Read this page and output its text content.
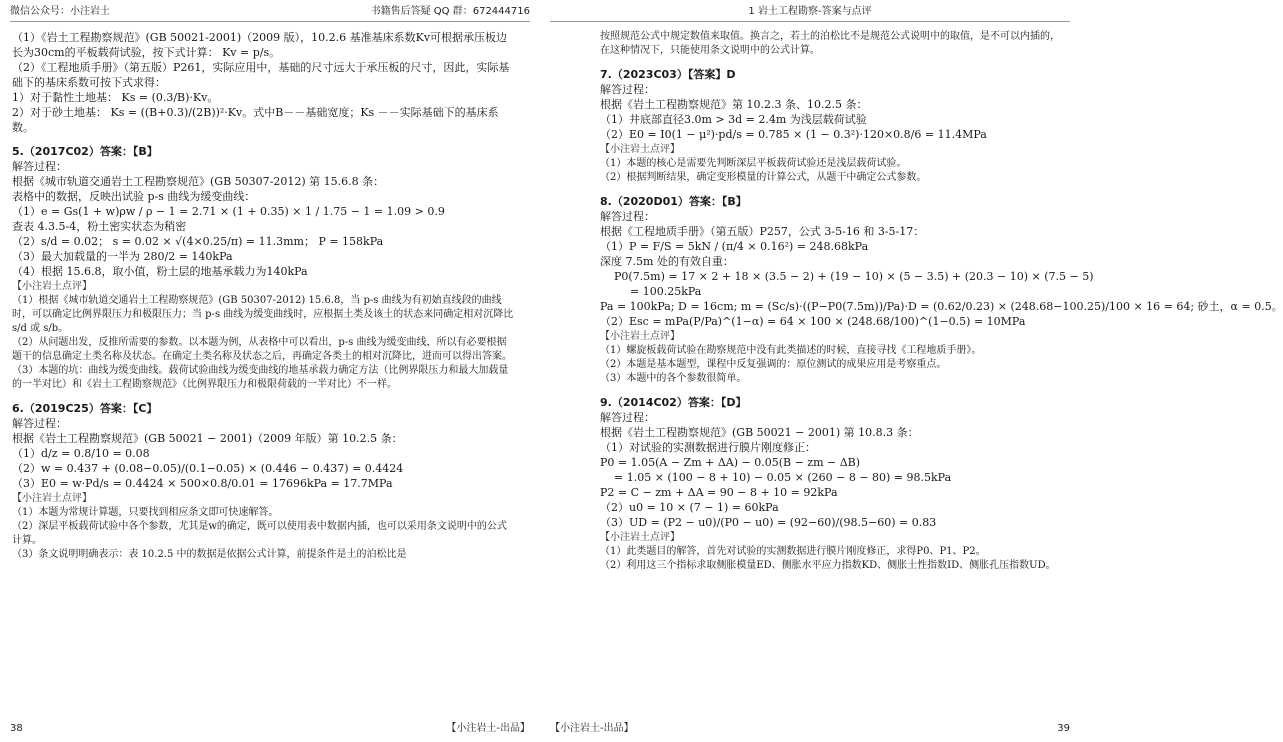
微信公众号：小注岩土	书籍售后答疑 QQ 群：672444716

（1）《岩土工程勘察规范》(GB 50021-2001)（2009 版），10.2.6 基准基床系数Kv可根据承压板边长为30cm的平板载荷试验，按下式计算： Kv = p/s。

（2）《工程地质手册》（第五版）P261，实际应用中，基础的尺寸远大于承压板的尺寸，因此，实际基础下的基床系数可按下式求得：

1）对于黏性土地基： Ks = (0.3/B)·Kv。

2）对于砂土地基： Ks = ((B+0.3)/(2B))²·Kv。式中B－－基础宽度；Ks －－实际基础下的基床系数。

5.（2017C02）答案：【B】

解答过程：

根据《城市轨道交通岩土工程勘察规范》(GB 50307-2012) 第 15.6.8 条：

表格中的数据，反映出试验 p-s 曲线为缓变曲线：

（1）e = Gs(1 + w)ρw / ρ − 1 = 2.71 × (1 + 0.35) × 1 / 1.75 − 1 = 1.09 > 0.9

查表 4.3.5-4，粉土密实状态为稍密

（2）s/d = 0.02； s = 0.02 × √(4×0.25/π) = 11.3mm； P = 158kPa

（3）最大加载量的一半为 280/2 = 140kPa

（4）根据 15.6.8，取小值，粉土层的地基承载力为140kPa

【小注岩土点评】

（1）根据《城市轨道交通岩土工程勘察规范》(GB 50307-2012) 15.6.8，当 p-s 曲线为有初始直线段的曲线时，可以确定比例界限压力和极限压力；当 p-s 曲线为缓变曲线时，应根据土类及该土的状态来同确定相对沉降比 s/d 或 s/b。

（2）从问题出发，反推所需要的参数。以本题为例，从表格中可以看出，p-s 曲线为缓变曲线，所以有必要根据题干的信息确定土类名称及状态。在确定土类名称及状态之后，再确定各类土的相对沉降比，进而可以得出答案。

（3）本题的坑：曲线为缓变曲线。载荷试验曲线为缓变曲线的地基承载力确定方法（比例界限压力和最大加载量的一半对比）和《岩土工程勘察规范》（比例界限压力和极限荷载的一半对比）不一样。

6.（2019C25）答案：【C】

解答过程：

根据《岩土工程勘察规范》(GB 50021 − 2001)（2009 年版）第 10.2.5 条：

（1）d/z = 0.8/10 = 0.08

（2）w = 0.437 + (0.08−0.05)/(0.1−0.05) × (0.446 − 0.437) = 0.4424

（3）E0 = w·Pd/s = 0.4424 × 500×0.8/0.01 = 17696kPa = 17.7MPa

【小注岩土点评】

（1）本题为常规计算题，只要找到相应条文即可快速解答。

（2）深层平板载荷试验中各个参数，尤其是w的确定，既可以使用表中数据内插，也可以采用条文说明中的公式计算。

（3）条文说明明确表示：表 10.2.5 中的数据是依据公式计算，前提条件是土的泊松比是

38	【小注岩土-出品】
1 岩土工程勘察-答案与点评

按照规范公式中规定数值来取值。换言之，若土的泊松比不是规范公式说明中的取值，是不可以内插的，在这种情况下，只能使用条文说明中的公式计算。

7.（2023C03）【答案】D

解答过程：

根据《岩土工程勘察规范》第 10.2.3 条、10.2.5 条：

（1）井底部直径3.0m > 3d = 2.4m 为浅层载荷试验

（2）E0 = I0(1 − μ²)·pd/s = 0.785 × (1 − 0.3²)·120×0.8/6 = 11.4MPa

【小注岩土点评】

（1）本题的核心是需要先判断深层平板载荷试验还是浅层载荷试验。

（2）根据判断结果，确定变形模量的计算公式，从题干中确定公式参数。

8.（2020D01）答案：【B】

解答过程：

根据《工程地质手册》（第五版）P257，公式 3-5-16 和 3-5-17：

（1）P = F/S = 5kN / (π/4 × 0.16²) = 248.68kPa

深度 7.5m 处的有效自重：

P0(7.5m) = 17 × 2 + 18 × (3.5 − 2) + (19 − 10) × (5 − 3.5) + (20.3 − 10) × (7.5 − 5)

= 100.25kPa

Pa = 100kPa; D = 16cm; m = (Sc/s)·((P−P0(7.5m))/Pa)·D = (0.62/0.23) × (248.68−100.25)/100 × 16 = 64; 砂土，α = 0.5。

（2）Esc = mPa(P/Pa)^(1−α) = 64 × 100 × (248.68/100)^(1−0.5) = 10MPa

【小注岩土点评】

（1）螺旋板载荷试验在勘察规范中没有此类描述的时候，直接寻找《工程地质手册》。

（2）本题是基本题型，课程中反复强调的：原位测试的成果应用是考察重点。

（3）本题中的各个参数很简单。

9.（2014C02）答案：【D】

解答过程：

根据《岩土工程勘察规范》(GB 50021 − 2001) 第 10.8.3 条：

（1）对试验的实测数据进行膜片刚度修正：

P0 = 1.05(A − Zm + ΔA) − 0.05(B − zm − ΔB)

= 1.05 × (100 − 8 + 10) − 0.05 × (260 − 8 − 80) = 98.5kPa

P2 = C − zm + ΔA = 90 − 8 + 10 = 92kPa

（2）u0 = 10 × (7 − 1) = 60kPa

（3）UD = (P2 − u0)/(P0 − u0) = (92−60)/(98.5−60) = 0.83

【小注岩土点评】

（1）此类题目的解答，首先对试验的实测数据进行膜片刚度修正，求得P0、P1、P2。

（2）利用这三个指标求取侧胀模量ED、侧胀水平应力指数KD、侧胀土性指数ID、侧胀孔压指数UD。

【小注岩土-出品】	39
